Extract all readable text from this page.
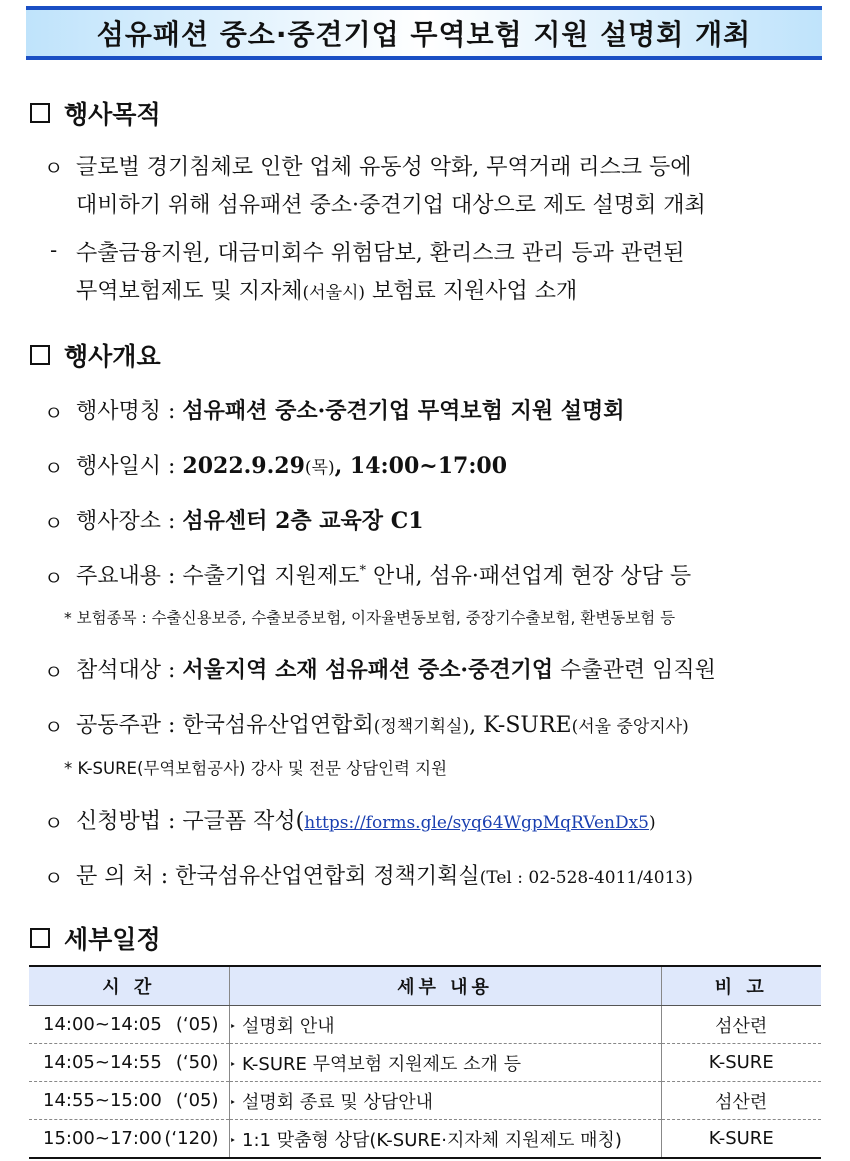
섬유패션 중소·중견기업 무역보험 지원 설명회 개최
행사목적
ㅇ 글로벌 경기침체로 인한 업체 유동성 악화, 무역거래 리스크 등에
대비하기 위해 섬유패션 중소·중견기업 대상으로 제도 설명회 개최
- 수출금융지원, 대금미회수 위험담보, 환리스크 관리 등과 관련된
무역보험제도 및 지자체(서울시) 보험료 지원사업 소개
행사개요
ㅇ 행사명칭 : 섬유패션 중소·중견기업 무역보험 지원 설명회
ㅇ 행사일시 : 2022.9.29(목), 14:00~17:00
ㅇ 행사장소 : 섬유센터 2층 교육장 C1
ㅇ 주요내용 : 수출기업 지원제도* 안내, 섬유·패션업계 현장 상담 등
* 보험종목 : 수출신용보증, 수출보증보험, 이자율변동보험, 중장기수출보험, 환변동보험 등
ㅇ 참석대상 : 서울지역 소재 섬유패션 중소·중견기업 수출관련 임직원
ㅇ 공동주관 : 한국섬유산업연합회(정책기획실), K-SURE(서울 중앙지사)
* K-SURE(무역보험공사) 강사 및 전문 상담인력 지원
ㅇ 신청방법 : 구글폼 작성(https://forms.gle/syq64WgpMqRVenDx5)
ㅇ 문 의 처 : 한국섬유산업연합회 정책기획실(Tel : 02-528-4011/4013)
세부일정
시 간	세부 내용	비 고

14:00~14:05 (‘05)	‣ 설명회 안내	섬산련

14:05~14:55 (‘50)	‣ K-SURE 무역보험 지원제도 소개 등	K-SURE

14:55~15:00 (‘05)	‣ 설명회 종료 및 상담안내	섬산련

15:00~17:00 (‘120)	‣ 1:1 맞춤형 상담(K-SURE·지자체 지원제도 매칭)	K-SURE
